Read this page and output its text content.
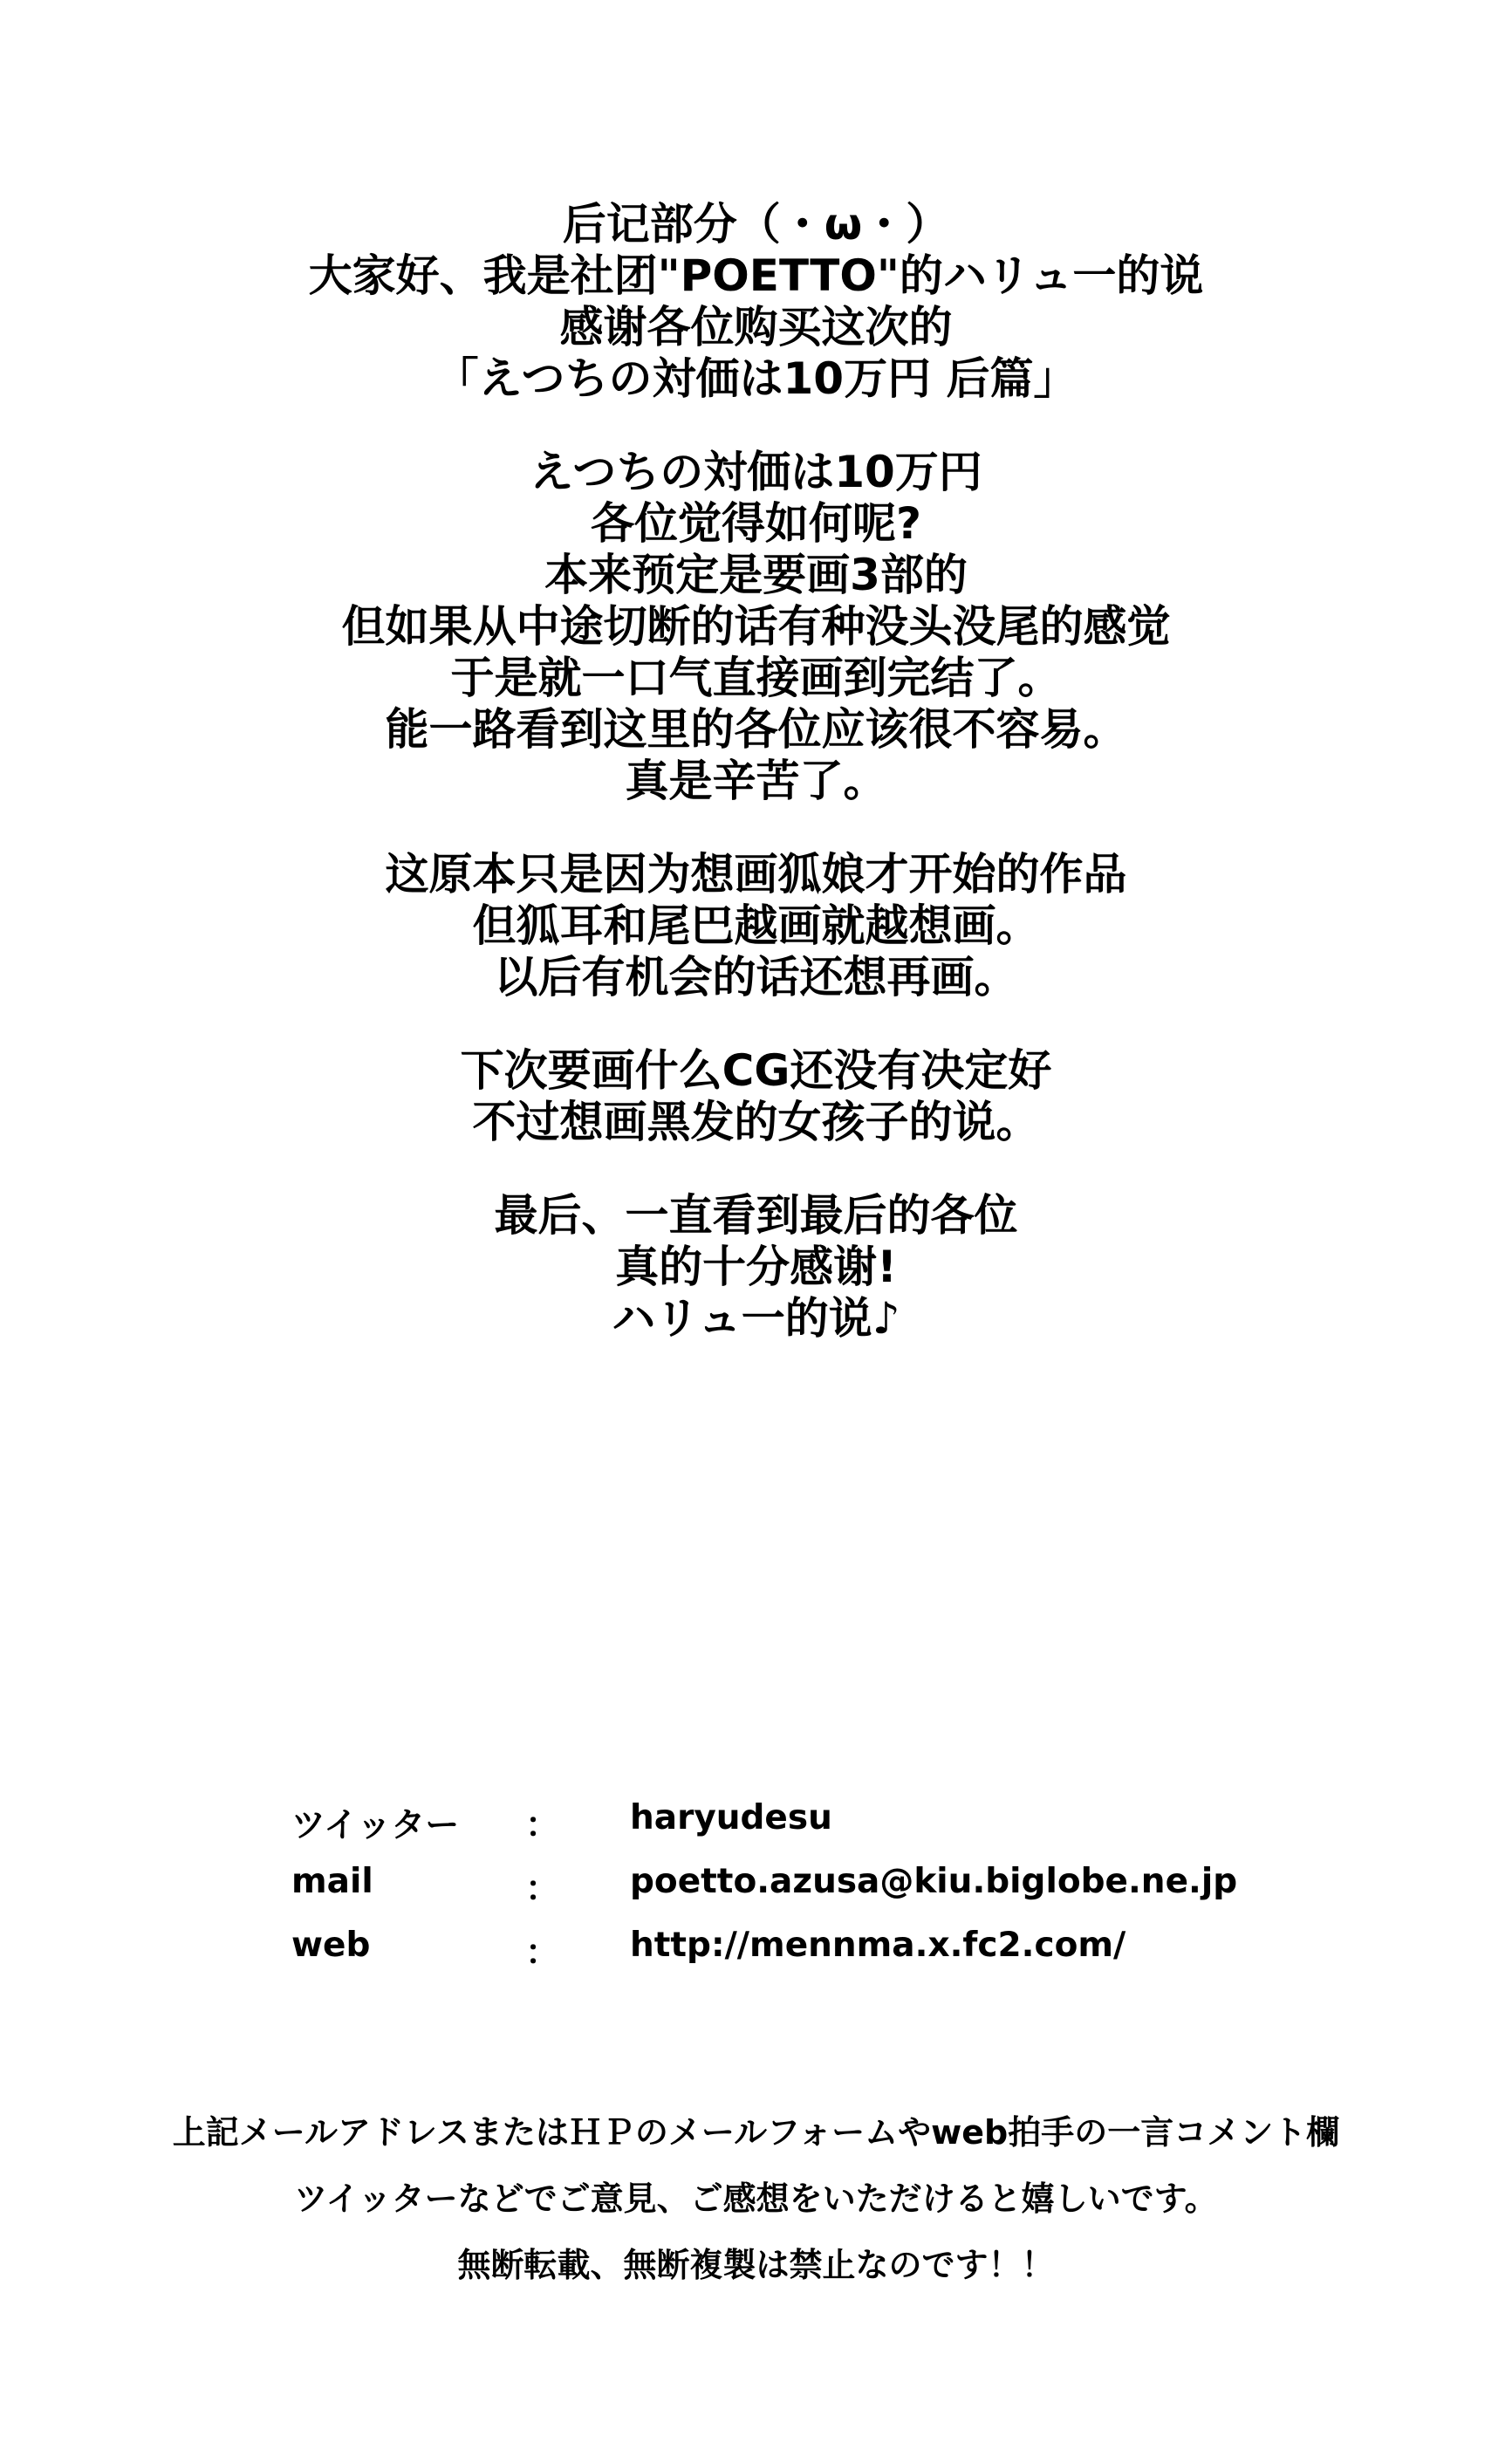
后记部分（・ω・）
大家好、我是社团"POETTO"的ハリュ一的说
感谢各位购买这次的
「えつちの対価は10万円 后篇」
えつちの対価は10万円
各位觉得如何呢?
本来预定是要画3部的
但如果从中途切断的话有种没头没尾的感觉
于是就一口气直接画到完结了。
能一路看到这里的各位应该很不容易。
真是辛苦了。
这原本只是因为想画狐娘才开始的作品
但狐耳和尾巴越画就越想画。
以后有机会的话还想再画。
下次要画什么CG还没有决定好
不过想画黑发的女孩子的说。
最后、一直看到最后的各位
真的十分感谢!
ハリュ一的说♪
ツイッター ： haryudesu
mail	： poetto.azusa@kiu.biglobe.ne.jp
web	： http://mennma.x.fc2.com/
上記メールアドレスまたはＨＰのメールフォームやweb拍手の一言コメント欄
ツイッターなどでご意見、ご感想をいただけると嬉しいです。
無断転載、無断複製は禁止なのです！！
